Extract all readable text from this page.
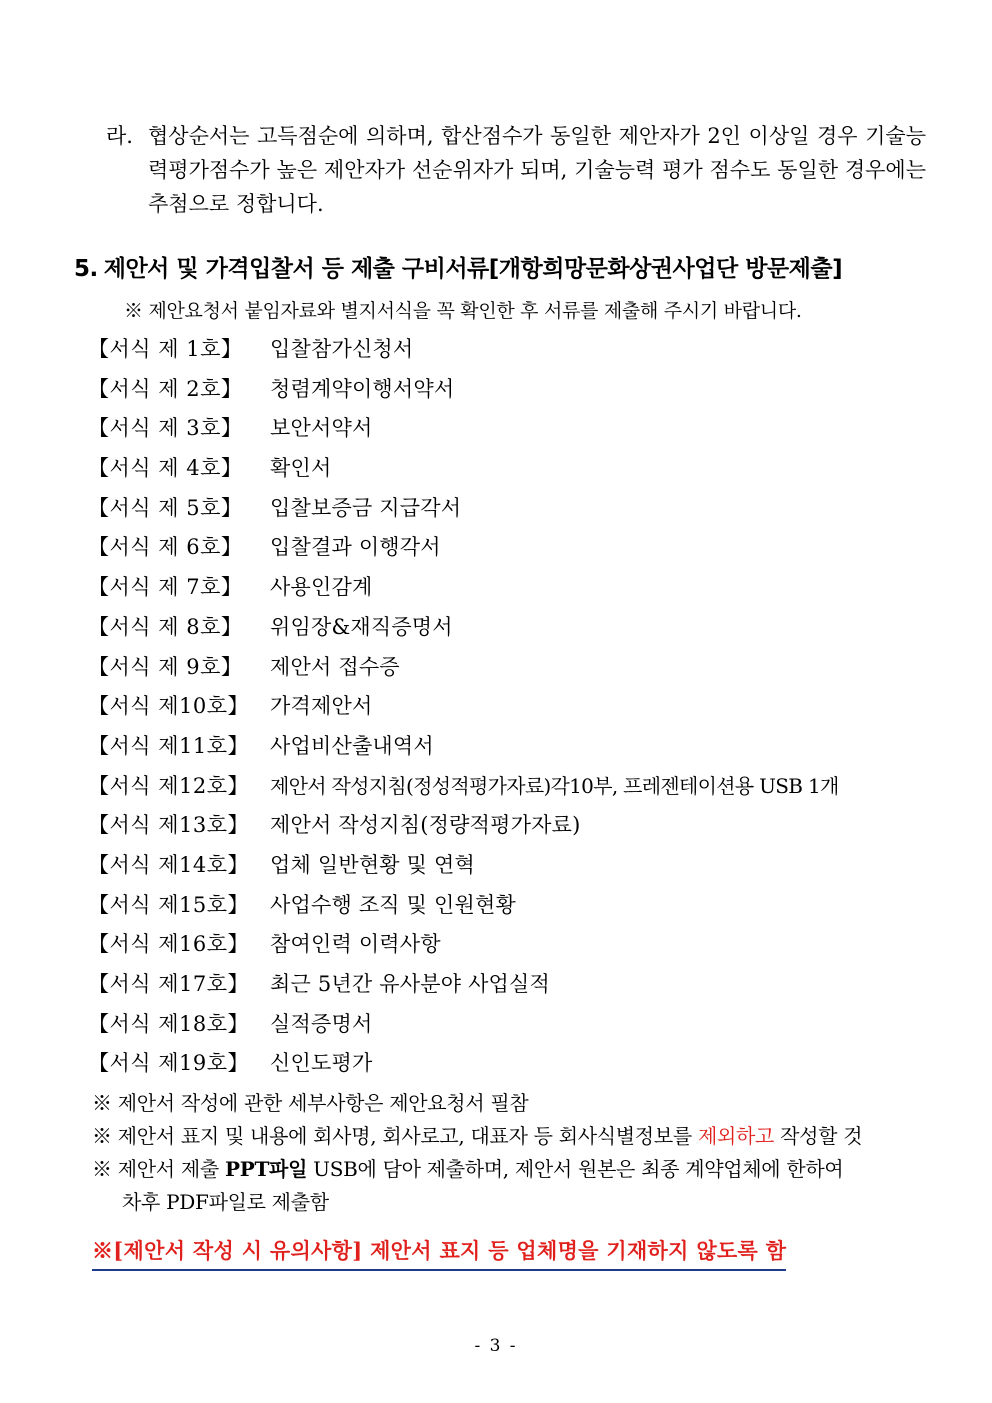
라. 협상순서는 고득점순에 의하며, 합산점수가 동일한 제안자가 2인 이상일 경우 기술능력평가점수가 높은 제안자가 선순위자가 되며, 기술능력 평가 점수도 동일한 경우에는 추첨으로 정합니다.
5. 제안서 및 가격입찰서 등 제출 구비서류[개항희망문화상권사업단 방문제출]
※ 제안요청서 붙임자료와 별지서식을 꼭 확인한 후 서류를 제출해 주시기 바랍니다.
【서식 제 1호】	입찰참가신청서
【서식 제 2호】	청렴계약이행서약서
【서식 제 3호】	보안서약서
【서식 제 4호】	확인서
【서식 제 5호】	입찰보증금 지급각서
【서식 제 6호】	입찰결과 이행각서
【서식 제 7호】	사용인감계
【서식 제 8호】	위임장&재직증명서
【서식 제 9호】	제안서 접수증
【서식 제10호】 가격제안서
【서식 제11호】 사업비산출내역서
【서식 제12호】	제안서 작성지침(정성적평가자료)각10부, 프레젠테이션용 USB 1개
【서식 제13호】 제안서 작성지침(정량적평가자료)
【서식 제14호】 업체 일반현황 및 연혁
【서식 제15호】 사업수행 조직 및 인원현황
【서식 제16호】 참여인력 이력사항
【서식 제17호】 최근 5년간 유사분야 사업실적
【서식 제18호】 실적증명서
【서식 제19호】 신인도평가
※ 제안서 작성에 관한 세부사항은 제안요청서 필참
※ 제안서 표지 및 내용에 회사명, 회사로고, 대표자 등 회사식별정보를 제외하고 작성할 것
※ 제안서 제출 PPT파일 USB에 담아 제출하며, 제안서 원본은 최종 계약업체에 한하여
차후 PDF파일로 제출함
※[제안서 작성 시 유의사항] 제안서 표지 등 업체명을 기재하지 않도록 함
- 3 -
